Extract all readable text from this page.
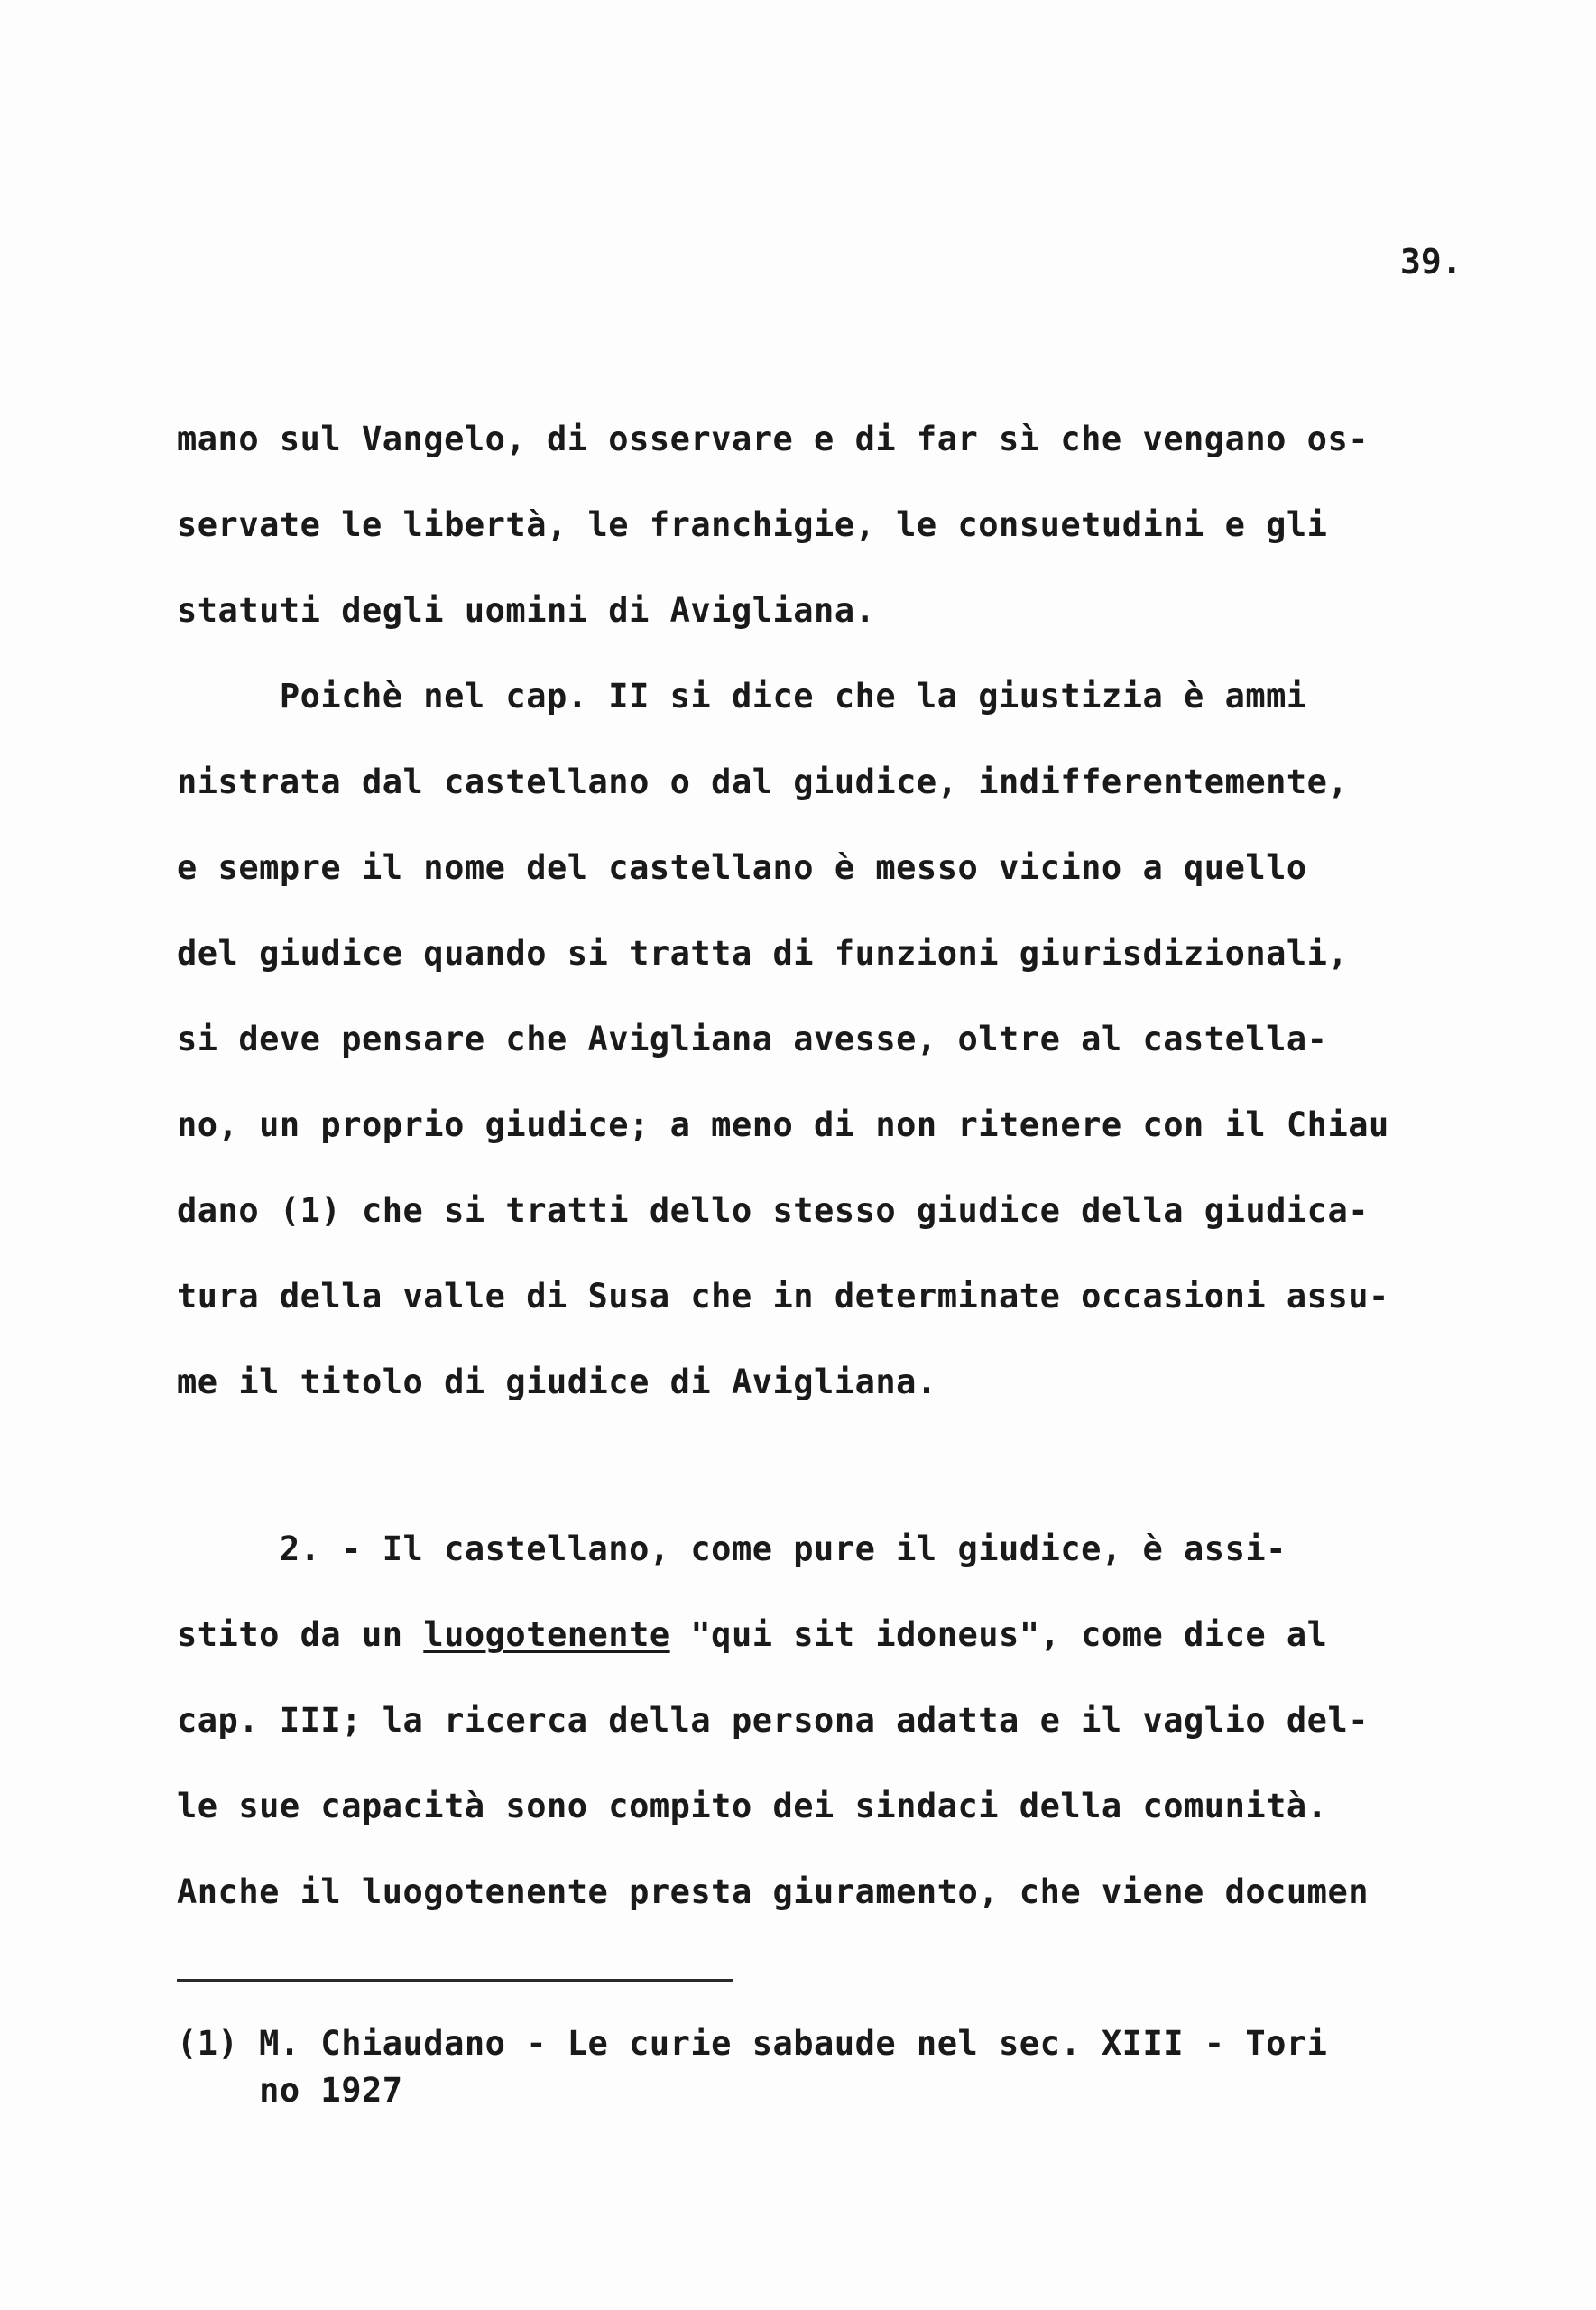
39.
mano sul Vangelo, di osservare e di far sì che vengano os-
servate le libertà, le franchigie, le consuetudini e gli
statuti degli uomini di Avigliana.
Poichè nel cap. II si dice che la giustizia è ammi
nistrata dal castellano o dal giudice, indifferentemente,
e sempre il nome del castellano è messo vicino a quello
del giudice quando si tratta di funzioni giurisdizionali,
si deve pensare che Avigliana avesse, oltre al castella-
no, un proprio giudice; a meno di non ritenere con il Chiau
dano (1) che si tratti dello stesso giudice della giudica-
tura della valle di Susa che in determinate occasioni assu-
me il titolo di giudice di Avigliana.
2. - Il castellano, come pure il giudice, è assi-
stito da un luogotenente "qui sit idoneus", come dice al
cap. III; la ricerca della persona adatta e il vaglio del-
le sue capacità sono compito dei sindaci della comunità.
Anche il luogotenente presta giuramento, che viene documen
(1) M. Chiaudano - Le curie sabaude nel sec. XIII - Tori
no 1927
